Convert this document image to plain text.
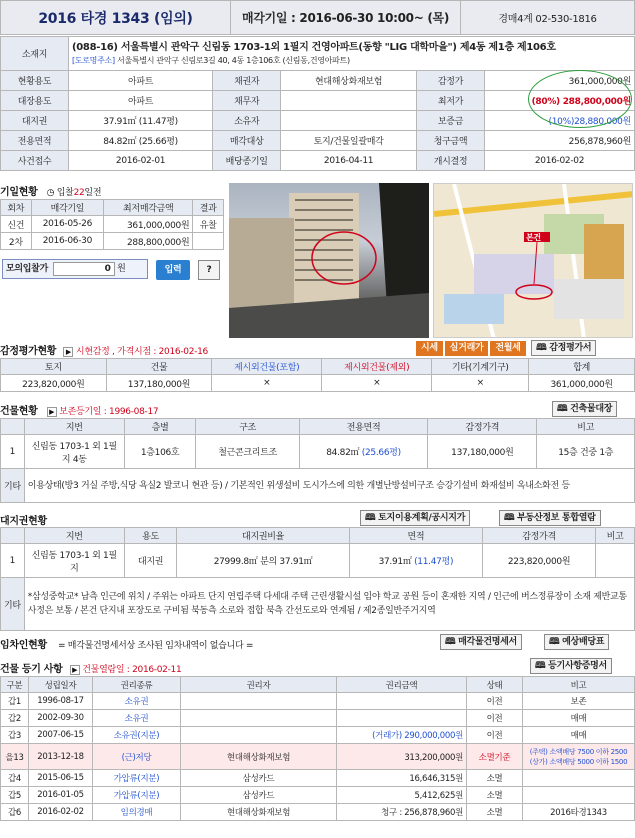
2016 타경 1343 (임의)	매각기일 : 2016-06-30 10:00~ (목)	경매4계 02-530-1816
소재지	(088-16) 서울특별시 관악구 신림동 1703-1외 1필지 건영아파트(동향 "LIG 대학마을") 제4동 제1층 제106호
[도로명주소] 서울특별시 관악구 신림로3길 40, 4동 1층106호 (신림동,건영아파트)				

현황용도	아파트	채권자	현대해상화재보험	감정가	361,000,000원
대장용도	아파트	채무자		최저가	(80%) 288,800,000원
대지권	37.91㎡ (11.47평)	소유자		보증금	(10%)28,880,000원
전용면적	84.82㎡ (25.66평)	매각대상	토지/건물일괄매각	청구금액	256,878,960원
사건접수	2016-02-01	배당종기일	2016-04-11	개시결정	2016-02-02
기일현황 ◷ 입찰22일전
회차	매각기일	최저매각금액	결과
신건	2016-05-26	361,000,000원	유찰
2차	2016-06-30	288,800,000원	
모의입찰가	0 원	입력	?
본건
감정평가현황 ▶ 시현감정 , 가격시점 : 2016-02-16	시세 실거래가 전월세 🕮 감정평가서
토지	건물	제시외건물(포함)	제시외건물(제외)	기타(기계기구)	합계
223,820,000원	137,180,000원	×	×	×	361,000,000원
건물현황 ▶ 보존등기일 : 1996-08-17	🕮 건축물대장
	지번	층별	구조	전용면적	감정가격	비고
1	신림동 1703-1 외 1필지 4동	1층106호	철근콘크리트조	84.82㎡ (25.66평)	137,180,000원	15층 건중 1층
기타	이용상태(방3 거실 주방,식당 욕실2 발코니 현관 등) / 기본적인 위생설비 도시가스에 의한 개별난방설비구조 승강기설비 화재설비 옥내소화전 등					
대지권현황	🕮 토지이용계획/공시지가	🕮 부동산정보 통합열람
	지번	용도	대지권비율	면적	감정가격	비고
1	신림동 1703-1 외 1필지	대지권	27999.8㎡ 분의 37.91㎡	37.91㎡ (11.47평)	223,820,000원	
기타	*삼성중학교* 남측 인근에 위치 / 주위는 아파트 단지 연립주택 다세대 주택 근린생활시설 임야 학교 공원 등이 혼재한 지역 / 인근에 버스정류장이 소재 제반교통사정은 보통 / 본건 단지내 포장도로 구비됨 북동측 소로와 접합 북측 간선도로와 연계됨 / 제2종일반주거지역					
임차인현황 = 매각물건명세서상 조사된 임차내역이 없습니다 =	🕮 매각물건명세서	🕮 예상배당표
건물 등기 사항 ▶ 건물열람일 : 2016-02-11	🕮 등기사항증명서
구분	성립일자	권리종류	권리자	권리금액	상태	비고
갑1	1996-08-17	소유권			이전	보존
갑2	2002-09-30	소유권			이전	매매
갑3	2007-06-15	소유권(지분)		(거래가) 290,000,000원	이전	매매
을13	2013-12-18	(근)저당	현대해상화재보험	313,200,000원	소멸기준	(주택) 소액배당 7500 이하 2500
(상가) 소액배당 5000 이하 1500

갑4	2015-06-15	가압류(지분)	삼성카드	16,646,315원	소멸	
갑5	2016-01-05	가압류(지분)	삼성카드	5,412,625원	소멸	
갑6	2016-02-02	임의경매	현대해상화재보험	청구 : 256,878,960원	소멸	2016타경1343
